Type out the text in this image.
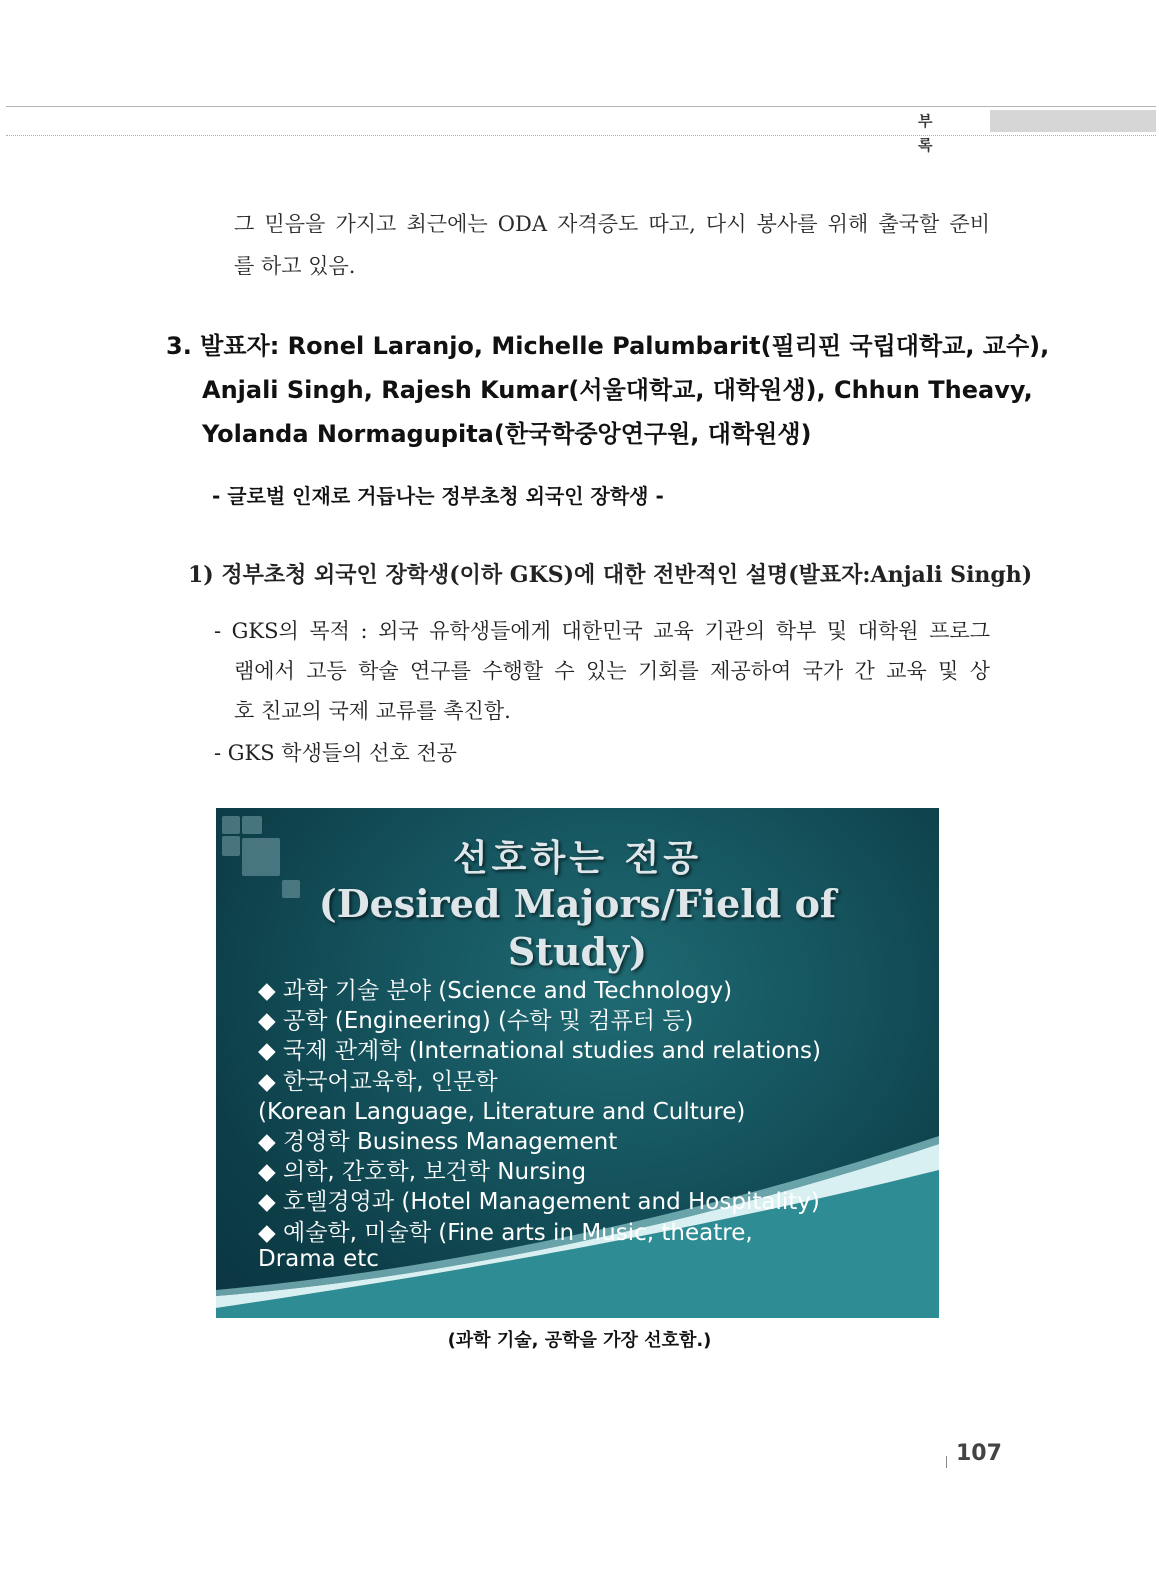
부 록
그 믿음을 가지고 최근에는 ODA 자격증도 따고, 다시 봉사를 위해 출국할 준비
를 하고 있음.
3. 발표자: Ronel Laranjo, Michelle Palumbarit(필리핀 국립대학교, 교수),
Anjali Singh, Rajesh Kumar(서울대학교, 대학원생), Chhun Theavy,
Yolanda Normagupita(한국학중앙연구원, 대학원생)
- 글로벌 인재로 거듭나는 정부초청 외국인 장학생 -
1) 정부초청 외국인 장학생(이하 GKS)에 대한 전반적인 설명(발표자:Anjali Singh)
- GKS의 목적 : 외국 유학생들에게 대한민국 교육 기관의 학부 및 대학원 프로그
램에서 고등 학술 연구를 수행할 수 있는 기회를 제공하여 국가 간 교육 및 상
호 친교의 국제 교류를 촉진함.
- GKS 학생들의 선호 전공
선호하는 전공
(Desired Majors/Field of
Study)
◆ 과학 기술 분야 (Science and Technology)
◆ 공학 (Engineering) (수학 및 컴퓨터 등)
◆ 국제 관계학 (International studies and relations)
◆ 한국어교육학, 인문학
(Korean Language, Literature and Culture)
◆ 경영학 Business Management
◆ 의학, 간호학, 보건학 Nursing
◆ 호텔경영과 (Hotel Management and Hospitality)
◆ 예술학, 미술학 (Fine arts in Music, theatre,
Drama etc
(과학 기술, 공학을 가장 선호함.)
107
